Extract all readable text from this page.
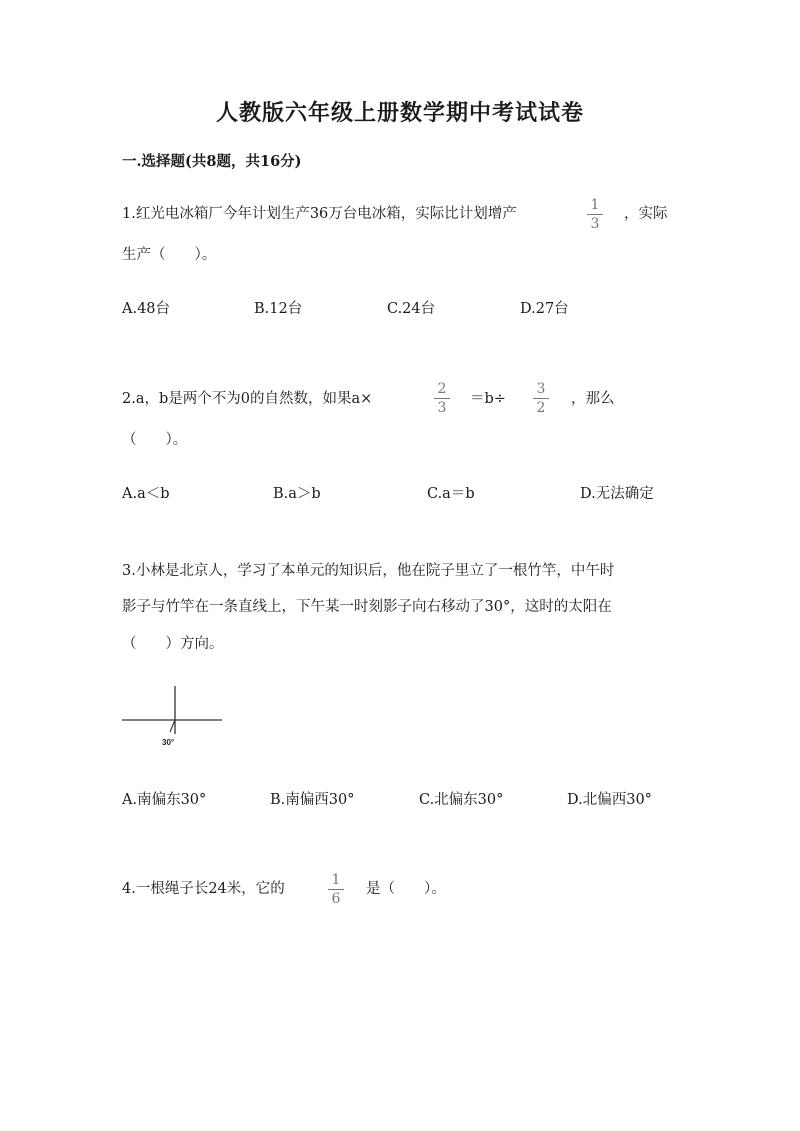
人教版六年级上册数学期中考试试卷
一.选择题(共8题，共16分)
1.红光电冰箱厂今年计划生产36万台电冰箱，实际比计划增产
1
3
，实际
生产（　　）。
A.48台	B.12台	C.24台	D.27台
2.a，b是两个不为0的自然数，如果a×
2
3
＝b÷
3
2
，那么
（　　）。
A.a＜b	B.a＞b	C.a＝b	D.无法确定
3.小林是北京人，学习了本单元的知识后，他在院子里立了一根竹竿，中午时
影子与竹竿在一条直线上，下午某一时刻影子向右移动了30°，这时的太阳在
（　　）方向。
30°
A.南偏东30°	B.南偏西30°	C.北偏东30°	D.北偏西30°
4.一根绳子长24米，它的
1
6
是（　　）。
